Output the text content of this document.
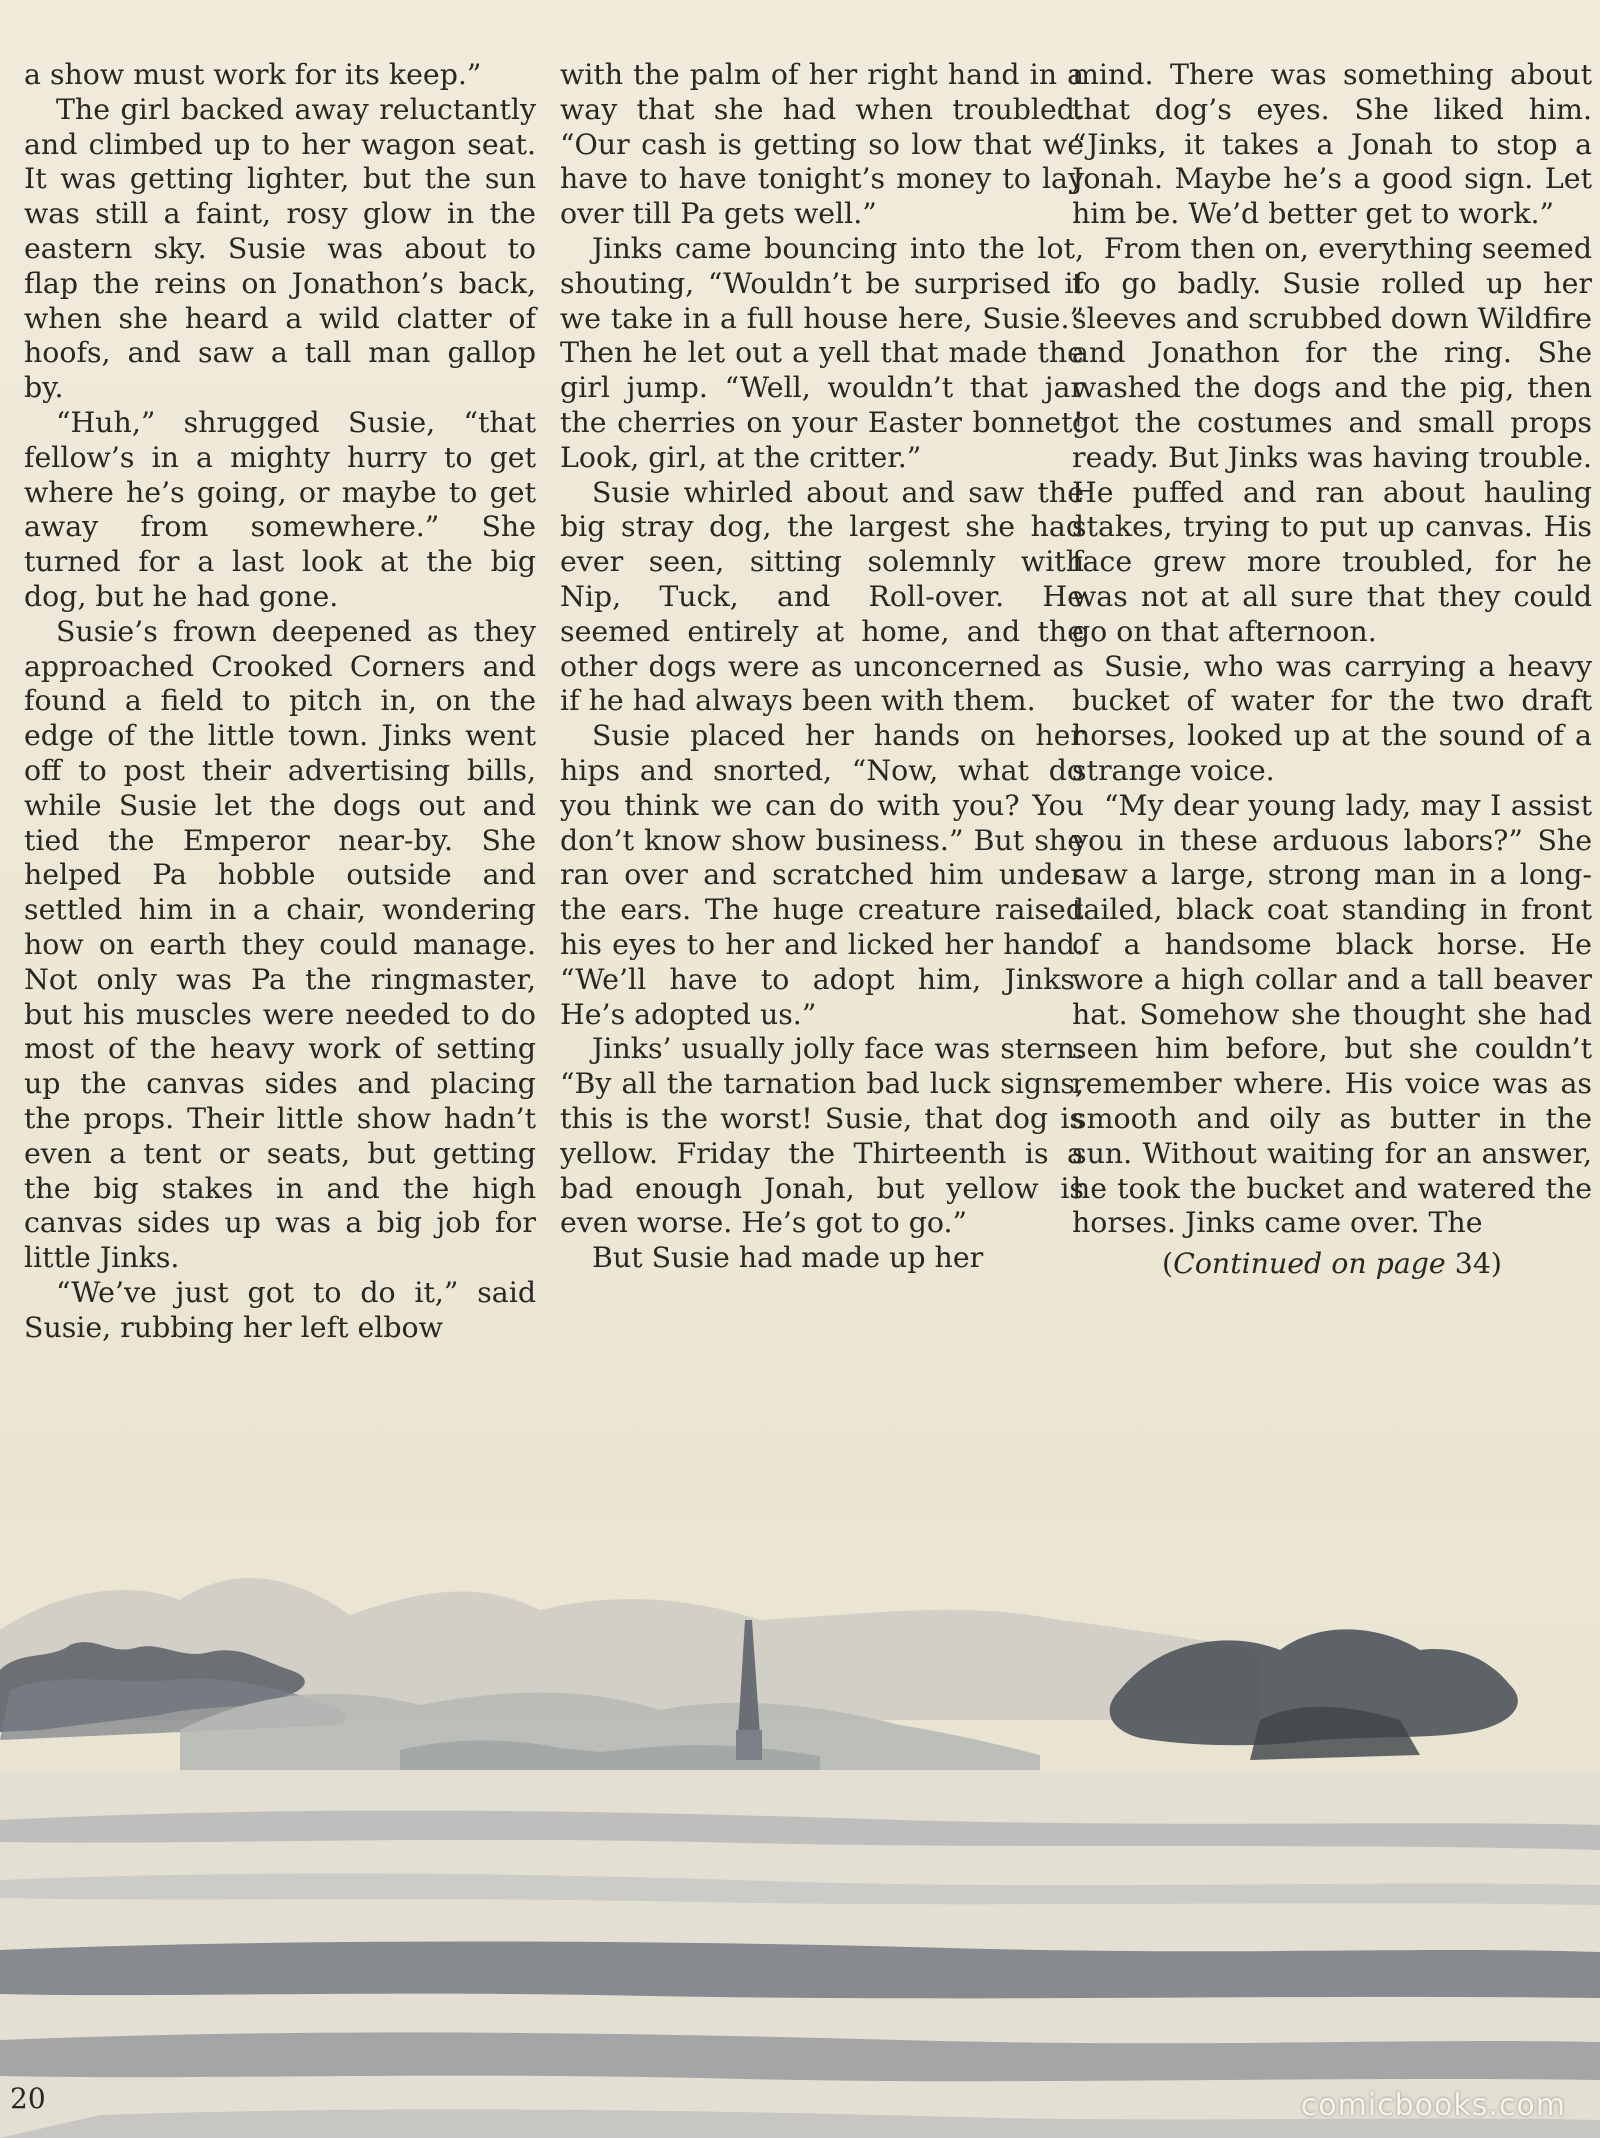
a show must work for its keep.”

The girl backed away reluctantly and climbed up to her wagon seat. It was getting lighter, but the sun was still a faint, rosy glow in the eastern sky. Susie was about to flap the reins on Jonathon’s back, when she heard a wild clatter of hoofs, and saw a tall man gallop by.

“Huh,” shrugged Susie, “that fellow’s in a mighty hurry to get where he’s going, or maybe to get away from somewhere.” She turned for a last look at the big dog, but he had gone.

Susie’s frown deepened as they approached Crooked Corners and found a field to pitch in, on the edge of the little town. Jinks went off to post their advertising bills, while Susie let the dogs out and tied the Emperor near-by. She helped Pa hobble outside and settled him in a chair, wondering how on earth they could manage. Not only was Pa the ringmaster, but his muscles were needed to do most of the heavy work of setting up the canvas sides and placing the props. Their little show hadn’t even a tent or seats, but getting the big stakes in and the high canvas sides up was a big job for little Jinks.

“We’ve just got to do it,” said Susie, rubbing her left elbow

with the palm of her right hand in a way that she had when troubled. “Our cash is getting so low that we have to have tonight’s money to lay over till Pa gets well.”

Jinks came bouncing into the lot, shouting, “Wouldn’t be surprised if we take in a full house here, Susie.” Then he let out a yell that made the girl jump. “Well, wouldn’t that jar the cherries on your Easter bonnet! Look, girl, at the critter.”

Susie whirled about and saw the big stray dog, the largest she had ever seen, sitting solemnly with Nip, Tuck, and Roll-over. He seemed entirely at home, and the other dogs were as unconcerned as if he had always been with them.

Susie placed her hands on her hips and snorted, “Now, what do you think we can do with you? You don’t know show business.” But she ran over and scratched him under the ears. The huge creature raised his eyes to her and licked her hand. “We’ll have to adopt him, Jinks. He’s adopted us.”

Jinks’ usually jolly face was stern. “By all the tarnation bad luck signs, this is the worst! Susie, that dog is yellow. Friday the Thirteenth is a bad enough Jonah, but yellow is even worse. He’s got to go.”

But Susie had made up her

mind. There was something about that dog’s eyes. She liked him. “Jinks, it takes a Jonah to stop a Jonah. Maybe he’s a good sign. Let him be. We’d better get to work.”

From then on, everything seemed to go badly. Susie rolled up her sleeves and scrubbed down Wildfire and Jonathon for the ring. She washed the dogs and the pig, then got the costumes and small props ready. But Jinks was having trouble. He puffed and ran about hauling stakes, trying to put up canvas. His face grew more troubled, for he was not at all sure that they could go on that afternoon.

Susie, who was carrying a heavy bucket of water for the two draft horses, looked up at the sound of a strange voice.

“My dear young lady, may I assist you in these arduous labors?” She saw a large, strong man in a long-tailed, black coat standing in front of a handsome black horse. He wore a high collar and a tall beaver hat. Somehow she thought she had seen him before, but she couldn’t remember where. His voice was as smooth and oily as butter in the sun. Without waiting for an answer, he took the bucket and watered the horses. Jinks came over. The

(Continued on page 34)

20	comicbooks.com
